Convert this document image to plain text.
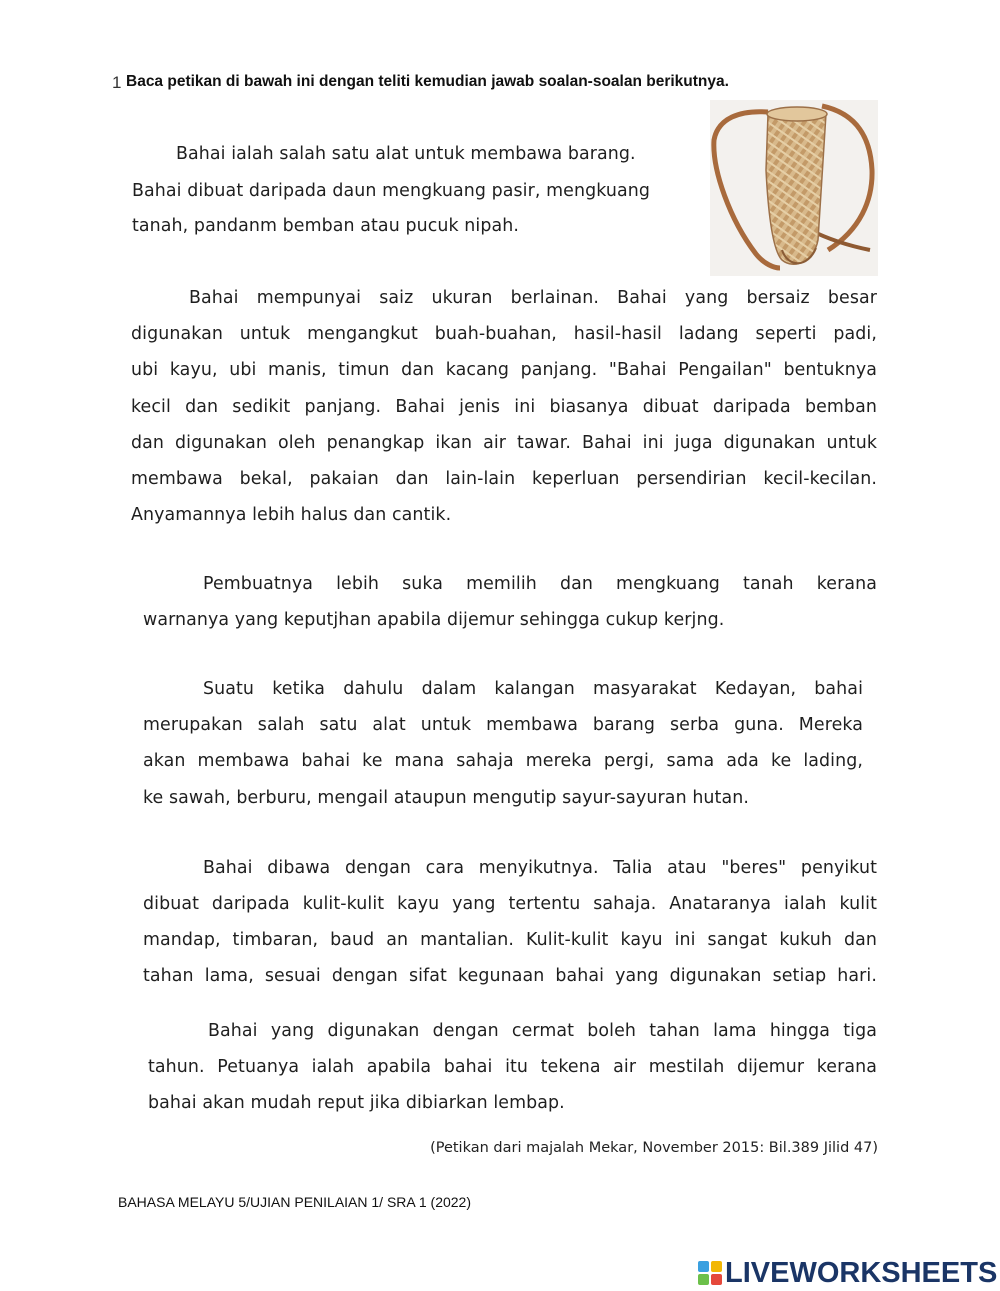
1 Baca petikan di bawah ini dengan teliti kemudian jawab soalan-soalan berikutnya.
Bahai ialah salah satu alat untuk membawa barang.
Bahai dibuat daripada daun mengkuang pasir, mengkuang
tanah, pandanm bemban atau pucuk nipah.
Bahai mempunyai saiz ukuran berlainan. Bahai yang bersaiz besar
digunakan untuk mengangkut buah-buahan, hasil-hasil ladang seperti padi,
ubi kayu, ubi manis, timun dan kacang panjang. "Bahai Pengailan" bentuknya
kecil dan sedikit panjang. Bahai jenis ini biasanya dibuat daripada bemban
dan digunakan oleh penangkap ikan air tawar. Bahai ini juga digunakan untuk
membawa bekal, pakaian dan lain-lain keperluan persendirian kecil-kecilan.
Anyamannya lebih halus dan cantik.
Pembuatnya lebih suka memilih dan mengkuang tanah kerana
warnanya yang keputjhan apabila dijemur sehingga cukup kerjng.
Suatu ketika dahulu dalam kalangan masyarakat Kedayan, bahai
merupakan salah satu alat untuk membawa barang serba guna. Mereka
akan membawa bahai ke mana sahaja mereka pergi, sama ada ke lading,
ke sawah, berburu, mengail ataupun mengutip sayur-sayuran hutan.
Bahai dibawa dengan cara menyikutnya. Talia atau "beres" penyikut
dibuat daripada kulit-kulit kayu yang tertentu sahaja. Anataranya ialah kulit
mandap, timbaran, baud an mantalian. Kulit-kulit kayu ini sangat kukuh dan
tahan lama, sesuai dengan sifat kegunaan bahai yang digunakan setiap hari.
Bahai yang digunakan dengan cermat boleh tahan lama hingga tiga
tahun. Petuanya ialah apabila bahai itu tekena air mestilah dijemur kerana
bahai akan mudah reput jika dibiarkan lembap.
(Petikan dari majalah Mekar, November 2015: Bil.389 Jilid 47)
BAHASA MELAYU 5/UJIAN PENILAIAN 1/ SRA 1 (2022)
LIVEWORKSHEETS
